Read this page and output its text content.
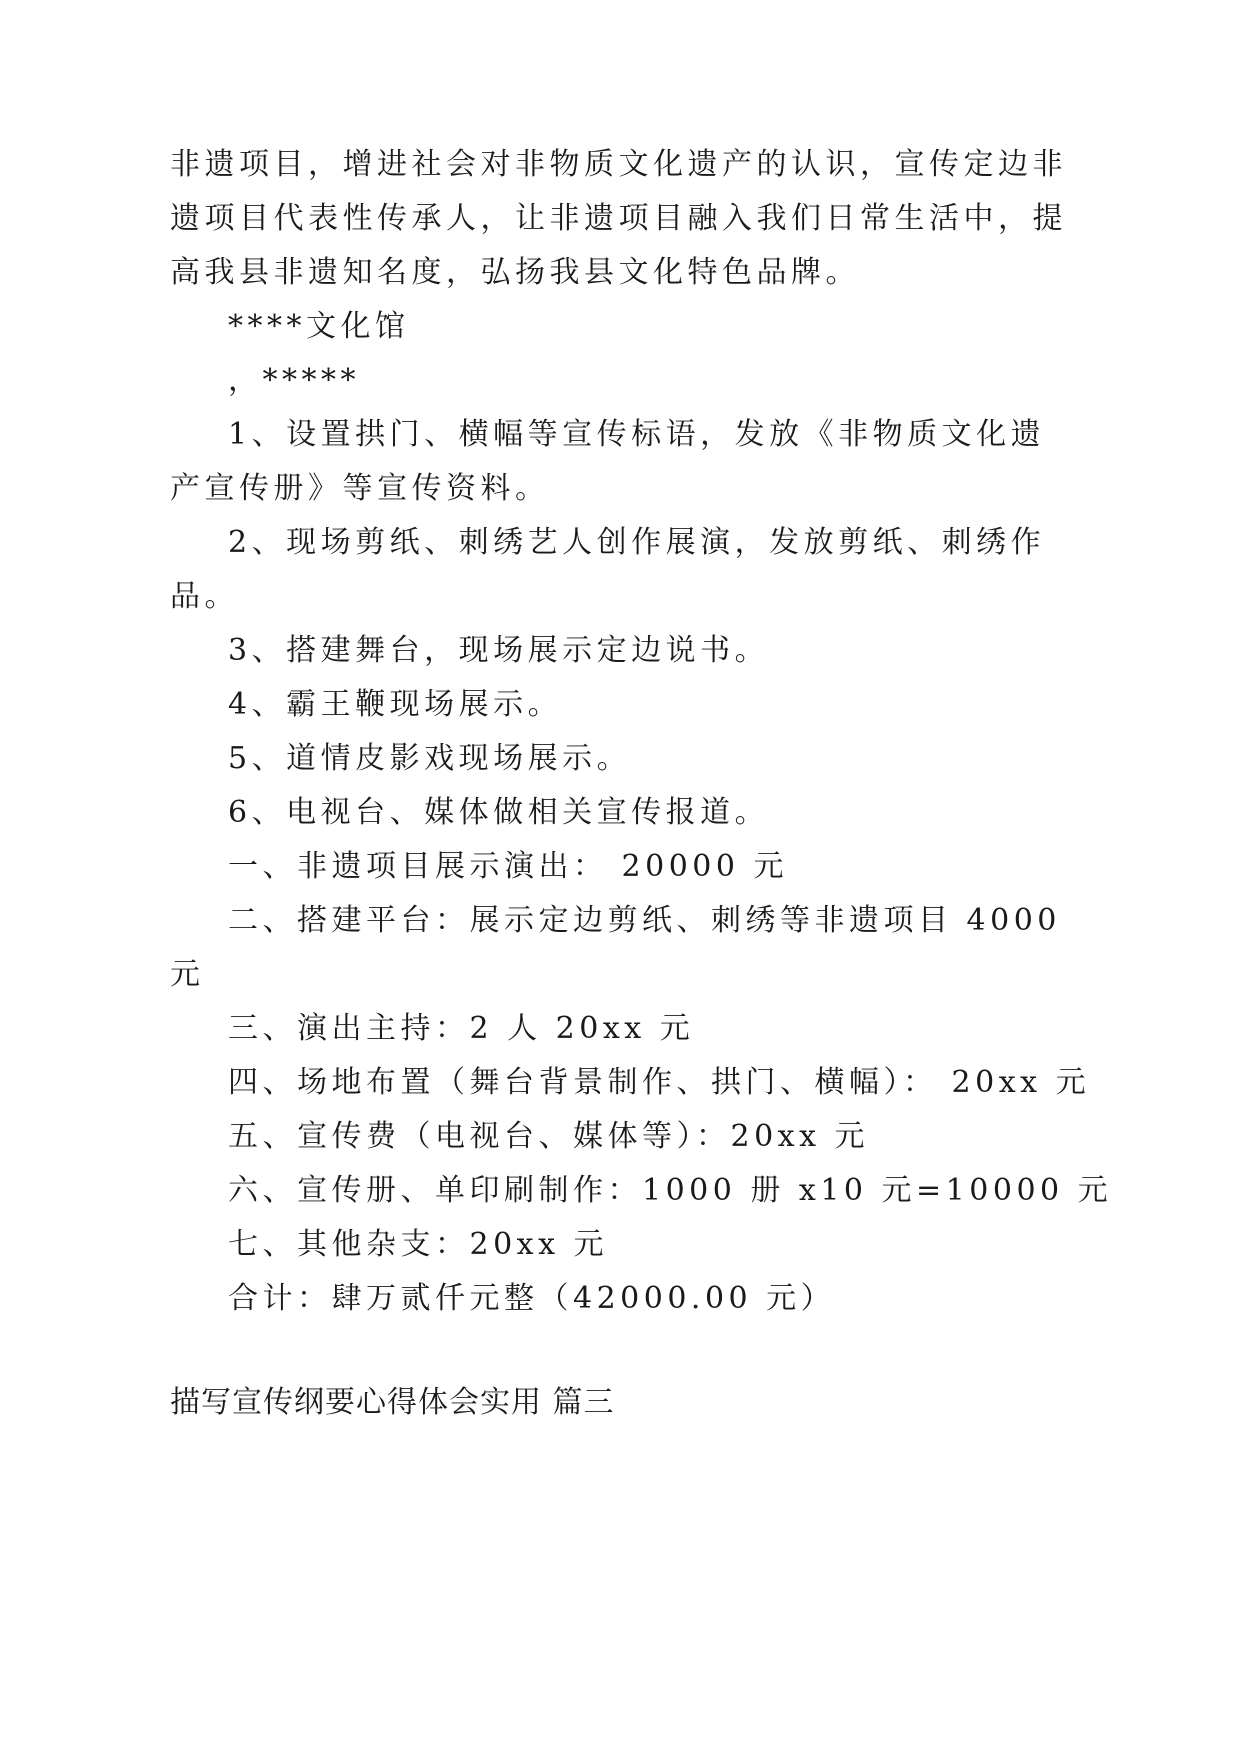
非遗项目，增进社会对非物质文化遗产的认识，宣传定边非
遗项目代表性传承人，让非遗项目融入我们日常生活中，提
高我县非遗知名度，弘扬我县文化特色品牌。
****文化馆
，*****
1、设置拱门、横幅等宣传标语，发放《非物质文化遗
产宣传册》等宣传资料。
2、现场剪纸、刺绣艺人创作展演，发放剪纸、刺绣作
品。
3、搭建舞台，现场展示定边说书。
4、霸王鞭现场展示。
5、道情皮影戏现场展示。
6、电视台、媒体做相关宣传报道。
一、非遗项目展示演出： 20000 元
二、搭建平台：展示定边剪纸、刺绣等非遗项目 4000
元
三、演出主持：2 人 20xx 元
四、场地布置（舞台背景制作、拱门、横幅）： 20xx 元
五、宣传费（电视台、媒体等）：20xx 元
六、宣传册、单印刷制作：1000 册 x10 元=10000 元
七、其他杂支：20xx 元
合计：肆万贰仟元整（42000.00 元）
描写宣传纲要心得体会实用 篇三
